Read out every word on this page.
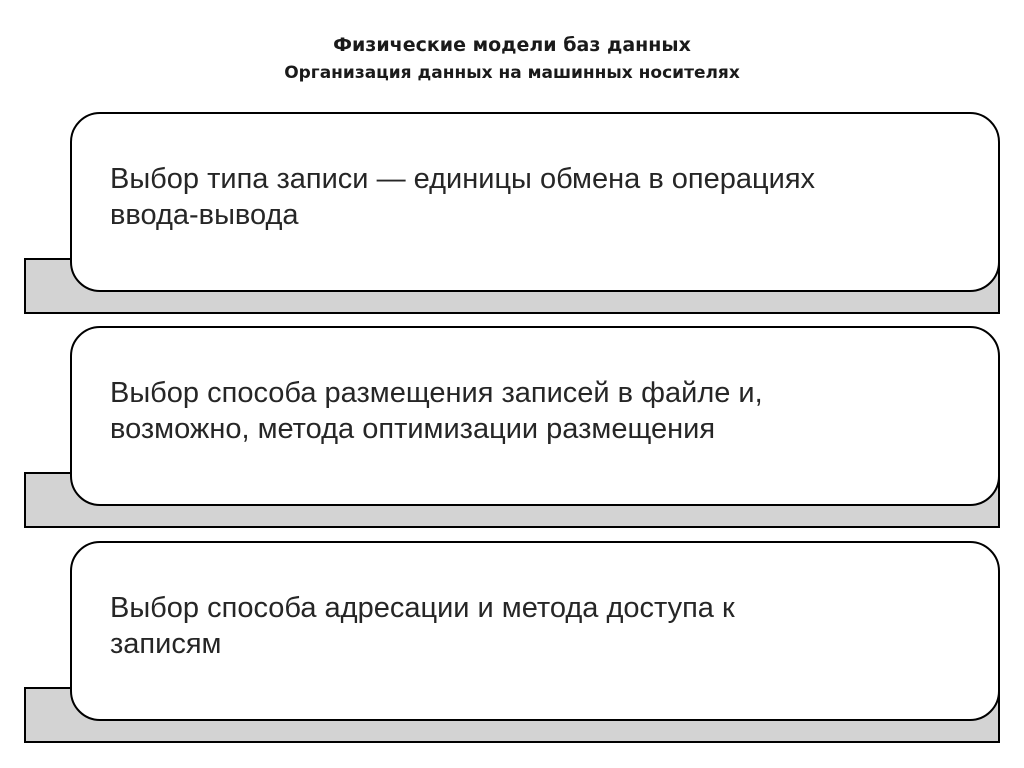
Физические модели баз данных
Организация данных на машинных носителях
Выбор типа записи — единицы обмена в операциях
ввода-вывода
Выбор способа размещения записей в файле и,
возможно, метода оптимизации размещения
Выбор способа адресации и метода доступа к
записям
